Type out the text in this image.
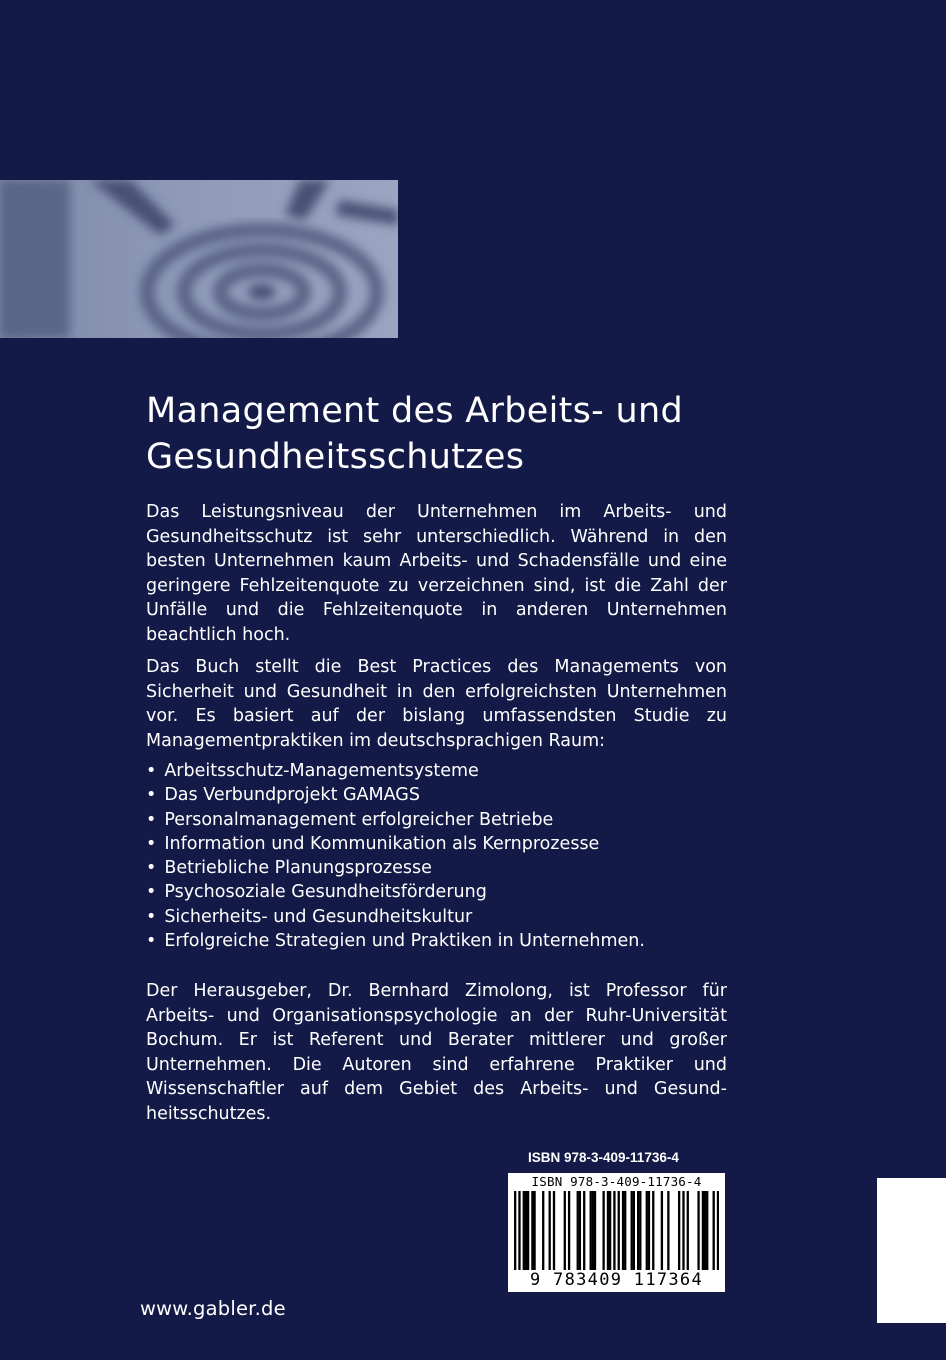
Management des Arbeits- und
Gesundheitsschutzes

Das Leistungsniveau der Unternehmen im Arbeits- und Gesundheitsschutz ist sehr unterschiedlich. Während in den besten Unternehmen kaum Arbeits- und Schadensfälle und eine geringere Fehlzeitenquote zu verzeichnen sind, ist die Zahl der Unfälle und die Fehlzeitenquote in anderen Unternehmen beachtlich hoch.

Das Buch stellt die Best Practices des Managements von Sicherheit und Gesundheit in den erfolgreichsten Unternehmen vor. Es basiert auf der bislang umfassendsten Studie zu Managementpraktiken im deutschsprachigen Raum:

• Arbeitsschutz-Managementsysteme
• Das Verbundprojekt GAMAGS
• Personalmanagement erfolgreicher Betriebe
• Information und Kommunikation als Kernprozesse
• Betriebliche Planungsprozesse
• Psychosoziale Gesundheitsförderung
• Sicherheits- und Gesundheitskultur
• Erfolgreiche Strategien und Praktiken in Unternehmen.

Der Herausgeber, Dr. Bernhard Zimolong, ist Professor für Arbeits- und Organisationspsychologie an der Ruhr-Universität Bochum. Er ist Referent und Berater mittlerer und großer Unternehmen. Die Autoren sind erfahrene Praktiker und Wissenschaftler auf dem Gebiet des Arbeits- und Gesundheitsschutzes.

ISBN 978-3-409-11736-4
ISBN 978-3-409-11736-4
9 783409 117364
www.gabler.de
